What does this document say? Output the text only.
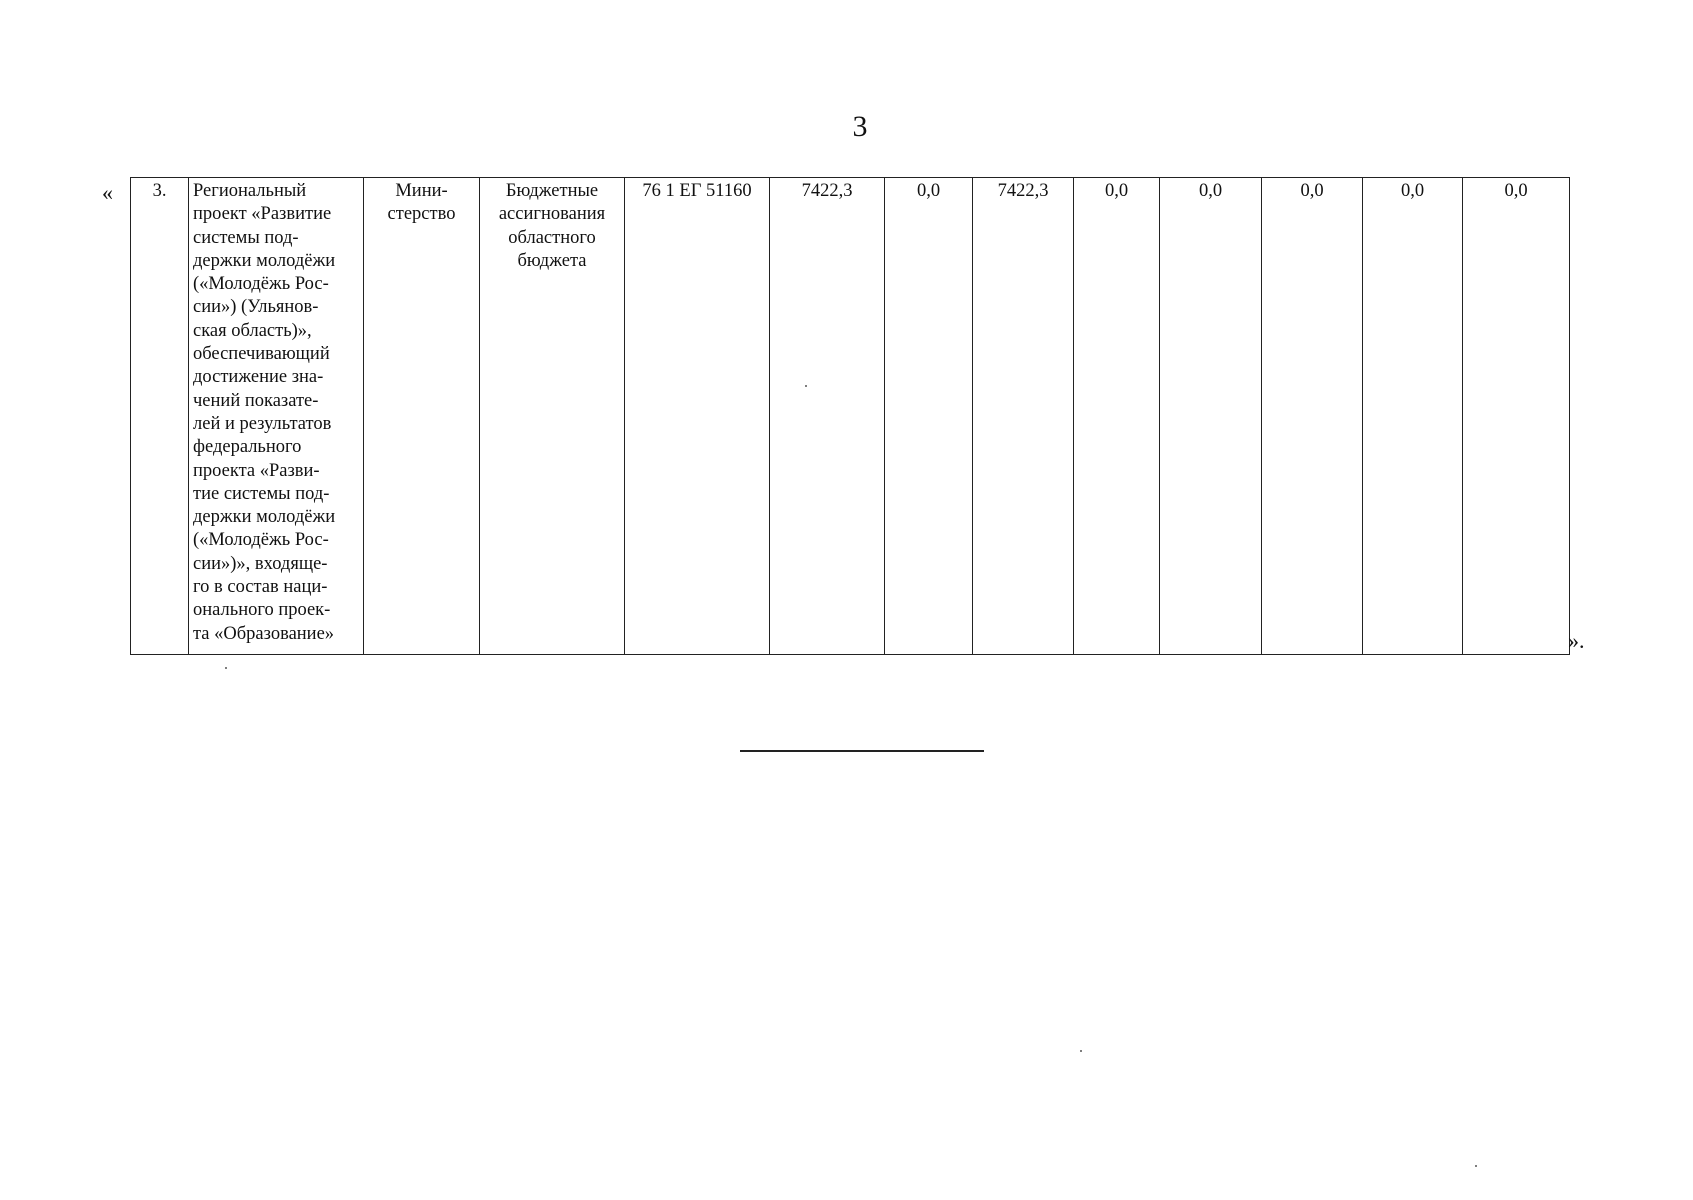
3
« 3.	Региональный
проект «Развитие
системы под-
держки молодёжи
(«Молодёжь Рос-
сии») (Ульянов-
ская область)»,
обеспечивающий
достижение зна-
чений показате-
лей и результатов
федерального
проекта «Разви-
тие системы под-
держки молодёжи
(«Молодёжь Рос-
сии»)», входяще-
го в состав наци-
онального проек-
та «Образование»
	Мини-стерство	Бюджетные ассигнования областного бюджета	76 1 ЕГ 51160	7422,3	0,0	7422,3	0,0	0,0	0,0	0,0	0,0
».
